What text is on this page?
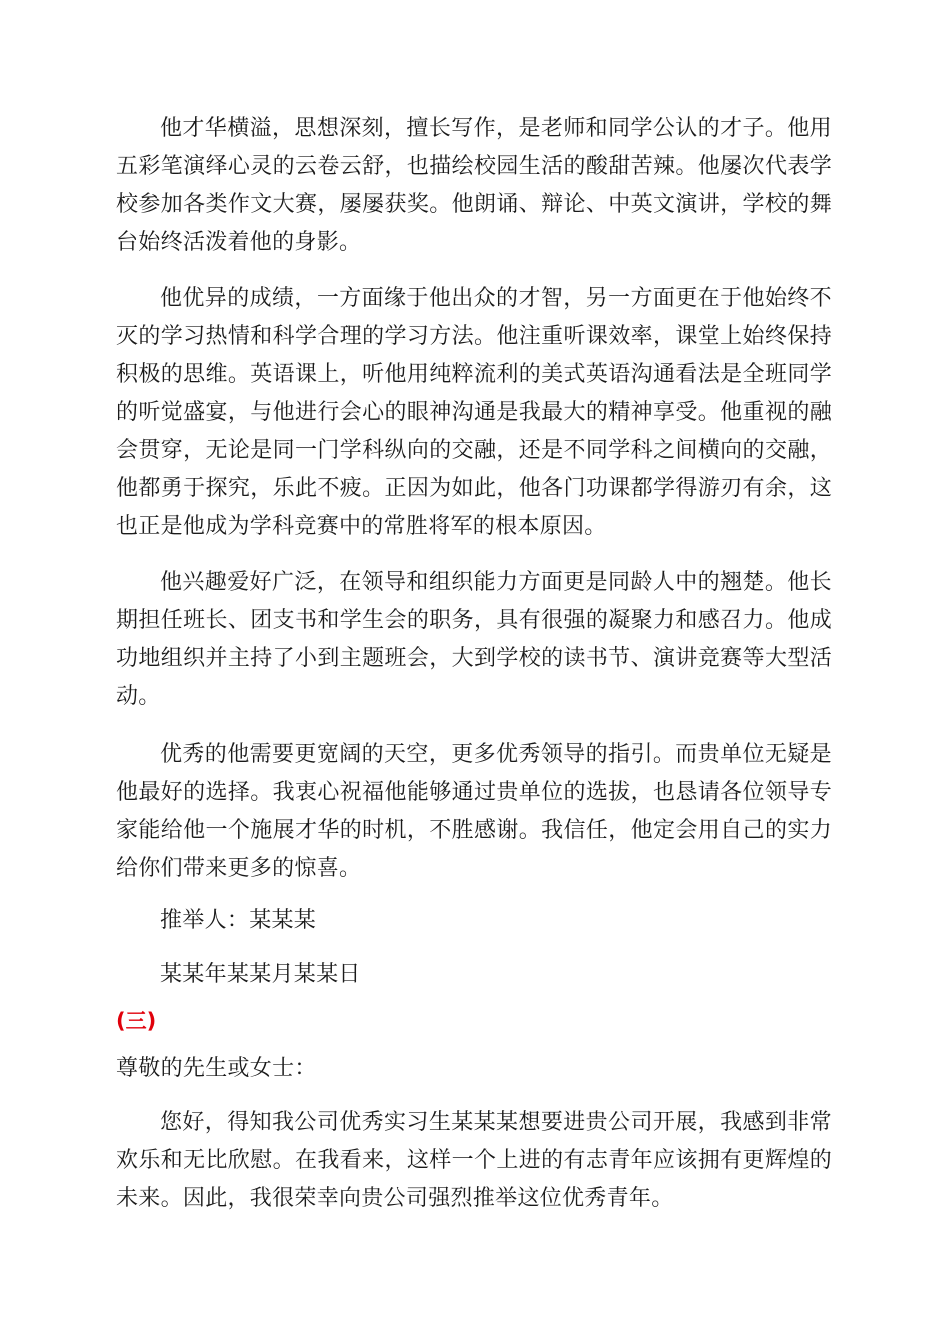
他才华横溢，思想深刻，擅长写作，是老师和同学公认的才子。他用五彩笔演绎心灵的云卷云舒，也描绘校园生活的酸甜苦辣。他屡次代表学校参加各类作文大赛，屡屡获奖。他朗诵、辩论、中英文演讲，学校的舞台始终活泼着他的身影。

他优异的成绩，一方面缘于他出众的才智，另一方面更在于他始终不灭的学习热情和科学合理的学习方法。他注重听课效率，课堂上始终保持积极的思维。英语课上，听他用纯粹流利的美式英语沟通看法是全班同学的听觉盛宴，与他进行会心的眼神沟通是我最大的精神享受。他重视的融会贯穿，无论是同一门学科纵向的交融，还是不同学科之间横向的交融，他都勇于探究，乐此不疲。正因为如此，他各门功课都学得游刃有余，这也正是他成为学科竞赛中的常胜将军的根本原因。

他兴趣爱好广泛，在领导和组织能力方面更是同龄人中的翘楚。他长期担任班长、团支书和学生会的职务，具有很强的凝聚力和感召力。他成功地组织并主持了小到主题班会，大到学校的读书节、演讲竞赛等大型活动。

优秀的他需要更宽阔的天空，更多优秀领导的指引。而贵单位无疑是他最好的选择。我衷心祝福他能够通过贵单位的选拔，也恳请各位领导专家能给他一个施展才华的时机，不胜感谢。我信任，他定会用自己的实力给你们带来更多的惊喜。

推举人：某某某

某某年某某月某某日

(三)

尊敬的先生或女士：

您好，得知我公司优秀实习生某某某想要进贵公司开展，我感到非常欢乐和无比欣慰。在我看来，这样一个上进的有志青年应该拥有更辉煌的未来。因此，我很荣幸向贵公司强烈推举这位优秀青年。
